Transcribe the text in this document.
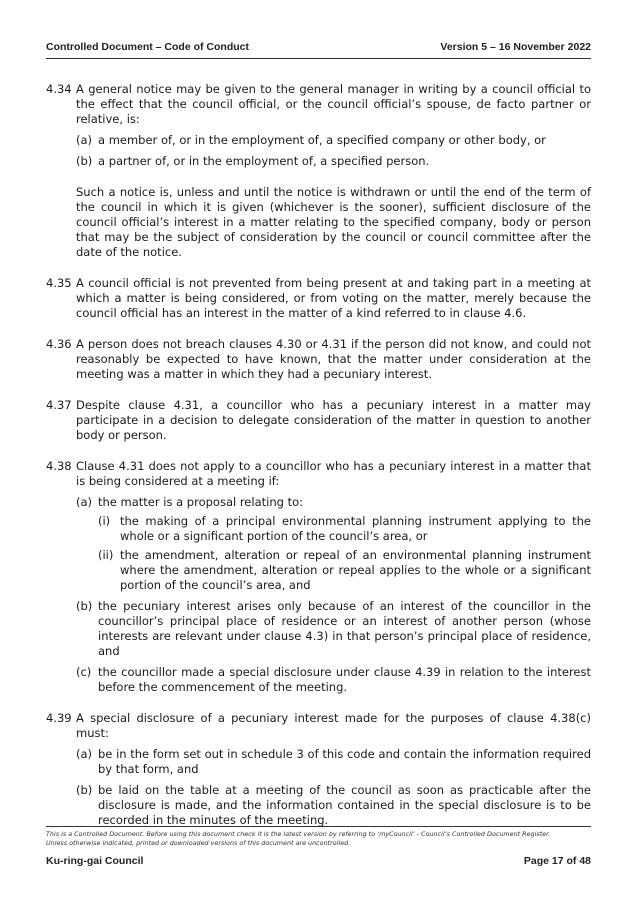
Controlled Document – Code of Conduct	Version 5 – 16 November 2022
4.34 A general notice may be given to the general manager in writing by a council official to the effect that the council official, or the council official’s spouse, de facto partner or relative, is:
(a) a member of, or in the employment of, a specified company or other body, or
(b) a partner of, or in the employment of, a specified person.
Such a notice is, unless and until the notice is withdrawn or until the end of the term of the council in which it is given (whichever is the sooner), sufficient disclosure of the council official’s interest in a matter relating to the specified company, body or person that may be the subject of consideration by the council or council committee after the date of the notice.
4.35 A council official is not prevented from being present at and taking part in a meeting at which a matter is being considered, or from voting on the matter, merely because the council official has an interest in the matter of a kind referred to in clause 4.6.
4.36 A person does not breach clauses 4.30 or 4.31 if the person did not know, and could not reasonably be expected to have known, that the matter under consideration at the meeting was a matter in which they had a pecuniary interest.
4.37 Despite clause 4.31, a councillor who has a pecuniary interest in a matter may participate in a decision to delegate consideration of the matter in question to another body or person.
4.38 Clause 4.31 does not apply to a councillor who has a pecuniary interest in a matter that is being considered at a meeting if:
(a) the matter is a proposal relating to:
(i) the making of a principal environmental planning instrument applying to the whole or a significant portion of the council’s area, or
(ii) the amendment, alteration or repeal of an environmental planning instrument where the amendment, alteration or repeal applies to the whole or a significant portion of the council’s area, and
(b) the pecuniary interest arises only because of an interest of the councillor in the councillor’s principal place of residence or an interest of another person (whose interests are relevant under clause 4.3) in that person’s principal place of residence, and
(c) the councillor made a special disclosure under clause 4.39 in relation to the interest before the commencement of the meeting.
4.39 A special disclosure of a pecuniary interest made for the purposes of clause 4.38(c) must:
(a) be in the form set out in schedule 3 of this code and contain the information required by that form, and
(b) be laid on the table at a meeting of the council as soon as practicable after the disclosure is made, and the information contained in the special disclosure is to be recorded in the minutes of the meeting.
This is a Controlled Document. Before using this document check it is the latest version by referring to ‘myCouncil’ - Council’s Controlled Document Register.
Unless otherwise indicated, printed or downloaded versions of this document are uncontrolled.
Ku-ring-gai Council	Page 17 of 48
